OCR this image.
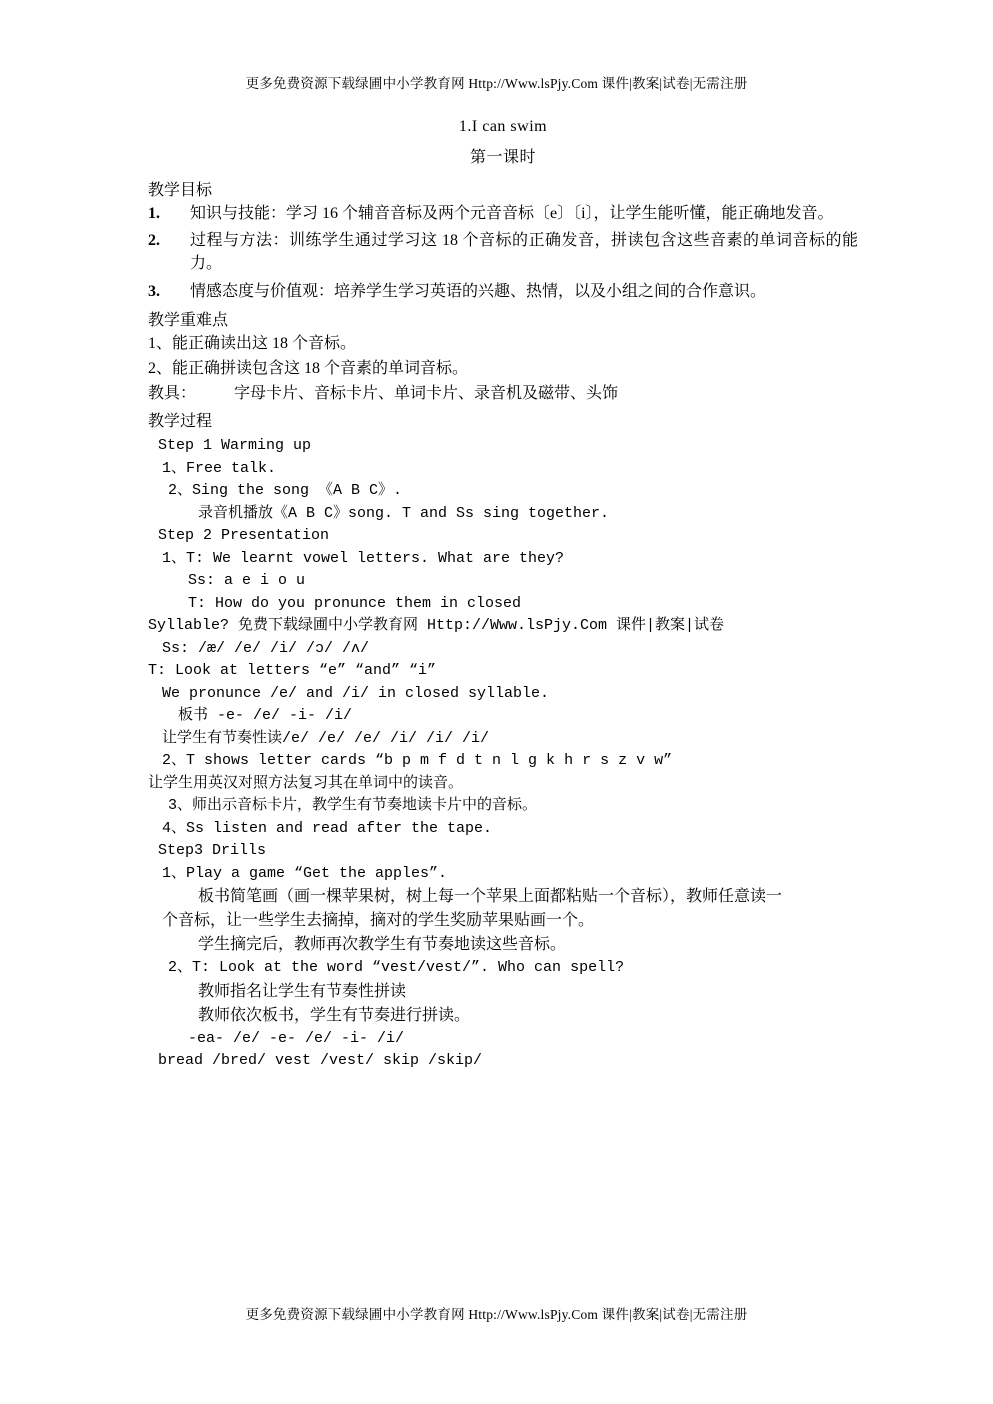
更多免费资源下载绿圃中小学教育网 Http://Www.lsPjy.Com 课件|教案|试卷|无需注册
1.I can swim
第一课时
教学目标
1. 知识与技能：学习 16 个辅音音标及两个元音音标〔e〕〔i〕，让学生能听懂，能正确地发音。
2. 过程与方法：训练学生通过学习这 18 个音标的正确发音，拼读包含这些音素的单词音标的能力。
3. 情感态度与价值观：培养学生学习英语的兴趣、热情，以及小组之间的合作意识。
教学重难点
1、能正确读出这 18 个音标。
2、能正确拼读包含这 18 个音素的单词音标。
教具： 字母卡片、音标卡片、单词卡片、录音机及磁带、头饰
教学过程
Step 1 Warming up
1、Free talk.
2、Sing the song 《A B C》.
录音机播放《A B C》song. T and Ss sing together.
Step 2 Presentation
1、T: We learnt vowel letters. What are they?
Ss: a e i o u
T: How do you pronunce them in closed
Syllable? 免费下载绿圃中小学教育网 Http://Www.lsPjy.Com 课件|教案|试卷
Ss: /æ/ /e/ /i/ /ɔ/ /ʌ/
T: Look at letters “e” “and” “i”
We pronunce /e/ and /i/ in closed syllable.
板书 -e- /e/ -i- /i/
让学生有节奏性读/e/ /e/ /e/ /i/ /i/ /i/
2、T shows letter cards “b p m f d t n l g k h r s z v w”
让学生用英汉对照方法复习其在单词中的读音。
3、师出示音标卡片，教学生有节奏地读卡片中的音标。
4、Ss listen and read after the tape.
Step3 Drills
1、Play a game “Get the apples”.
板书简笔画（画一棵苹果树，树上每一个苹果上面都粘贴一个音标），教师任意读一
个音标，让一些学生去摘掉，摘对的学生奖励苹果贴画一个。
学生摘完后，教师再次教学生有节奏地读这些音标。
2、T: Look at the word “vest/vest/”. Who can spell?
教师指名让学生有节奏性拼读
教师依次板书，学生有节奏进行拼读。
-ea- /e/ -e- /e/ -i- /i/
bread /bred/ vest /vest/ skip /skip/
更多免费资源下载绿圃中小学教育网 Http://Www.lsPjy.Com 课件|教案|试卷|无需注册
